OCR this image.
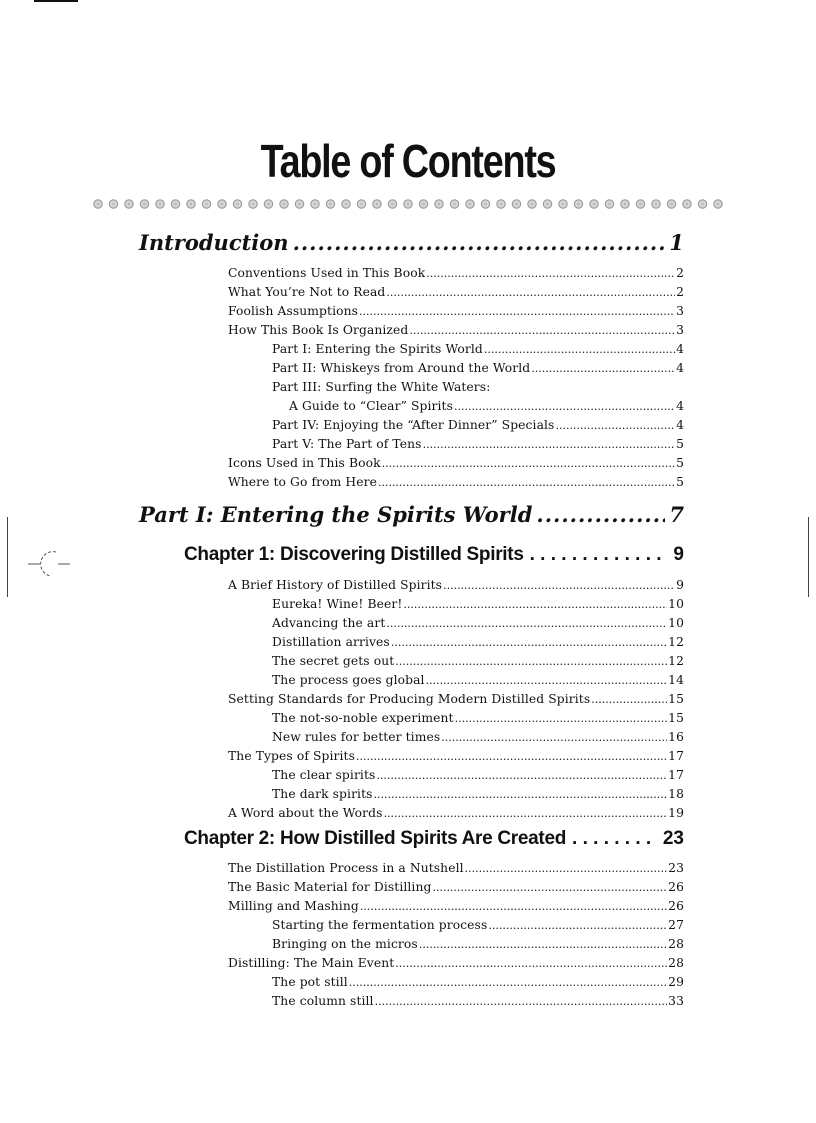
Table of Contents
Introduction .....	1
Conventions Used in This Book .....	2
What You’re Not to Read .....	2
Foolish Assumptions .....	3
How This Book Is Organized .....	3
Part I: Entering the Spirits World .....	4
Part II: Whiskeys from Around the World .....	4
Part III: Surfing the White Waters:
A Guide to “Clear” Spirits .....	4
Part IV: Enjoying the “After Dinner” Specials .....	4
Part V: The Part of Tens .....	5
Icons Used in This Book .....	5
Where to Go from Here .....	5
Part I: Entering the Spirits World .....	7
Chapter 1: Discovering Distilled Spirits . . .	9
A Brief History of Distilled Spirits .....	9
Eureka! Wine! Beer! .....	10
Advancing the art .....	10
Distillation arrives .....	12
The secret gets out .....	12
The process goes global .....	14
Setting Standards for Producing Modern Distilled Spirits .....	15
The not-so-noble experiment .....	15
New rules for better times .....	16
The Types of Spirits .....	17
The clear spirits .....	17
The dark spirits .....	18
A Word about the Words .....	19
Chapter 2: How Distilled Spirits Are Created . . .	23
The Distillation Process in a Nutshell .....	23
The Basic Material for Distilling .....	26
Milling and Mashing .....	26
Starting the fermentation process .....	27
Bringing on the micros .....	28
Distilling: The Main Event .....	28
The pot still .....	29
The column still .....	33
